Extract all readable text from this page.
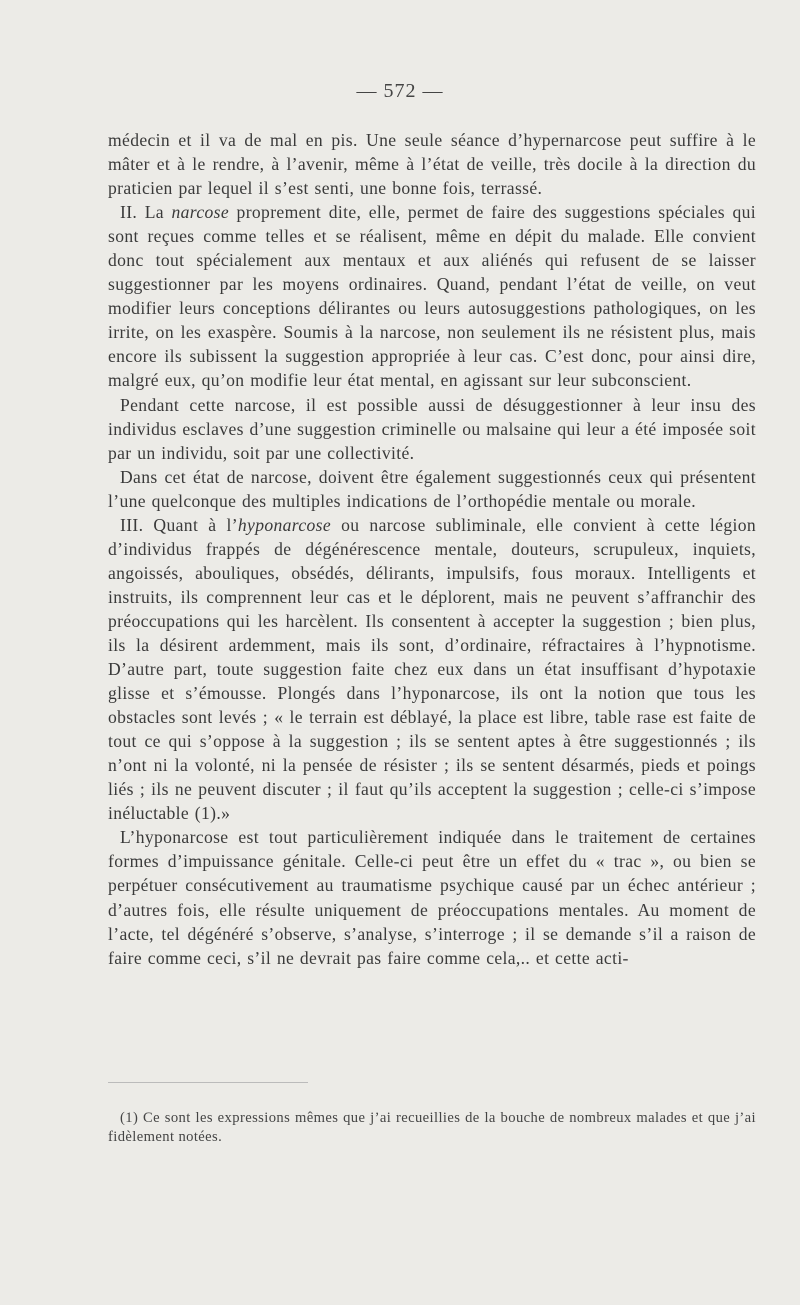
— 572 —

médecin et il va de mal en pis. Une seule séance d’hypernarcose peut suffire à le mâter et à le rendre, à l’avenir, même à l’état de veille, très docile à la direction du praticien par lequel il s’est senti, une bonne fois, terrassé.

II. La narcose proprement dite, elle, permet de faire des suggestions spéciales qui sont reçues comme telles et se réalisent, même en dépit du malade. Elle convient donc tout spécialement aux mentaux et aux aliénés qui refusent de se laisser suggestionner par les moyens ordinaires. Quand, pendant l’état de veille, on veut modifier leurs conceptions délirantes ou leurs autosuggestions pathologiques, on les irrite, on les exaspère. Soumis à la narcose, non seulement ils ne résistent plus, mais encore ils subissent la suggestion appropriée à leur cas. C’est donc, pour ainsi dire, malgré eux, qu’on modifie leur état mental, en agissant sur leur subconscient.

Pendant cette narcose, il est possible aussi de désuggestionner à leur insu des individus esclaves d’une suggestion criminelle ou malsaine qui leur a été imposée soit par un individu, soit par une collectivité.

Dans cet état de narcose, doivent être également suggestionnés ceux qui présentent l’une quelconque des multiples indications de l’orthopédie mentale ou morale.

III. Quant à l’hyponarcose ou narcose subliminale, elle convient à cette légion d’individus frappés de dégénérescence mentale, douteurs, scrupuleux, inquiets, angoissés, abouliques, obsédés, délirants, impulsifs, fous moraux. Intelligents et instruits, ils comprennent leur cas et le déplorent, mais ne peuvent s’affranchir des préoccupations qui les harcèlent. Ils consentent à accepter la suggestion ; bien plus, ils la désirent ardemment, mais ils sont, d’ordinaire, réfractaires à l’hypnotisme. D’autre part, toute suggestion faite chez eux dans un état insuffisant d’hypotaxie glisse et s’émousse. Plongés dans l’hyponarcose, ils ont la notion que tous les obstacles sont levés ; « le terrain est déblayé, la place est libre, table rase est faite de tout ce qui s’oppose à la suggestion ; ils se sentent aptes à être suggestionnés ; ils n’ont ni la volonté, ni la pensée de résister ; ils se sentent désarmés, pieds et poings liés ; ils ne peuvent discuter ; il faut qu’ils acceptent la suggestion ; celle-ci s’impose inéluctable (1).»

L’hyponarcose est tout particulièrement indiquée dans le traitement de certaines formes d’impuissance génitale. Celle-ci peut être un effet du « trac », ou bien se perpétuer consécutivement au traumatisme psychique causé par un échec antérieur ; d’autres fois, elle résulte uniquement de préoccupations mentales. Au moment de l’acte, tel dégénéré s’observe, s’analyse, s’interroge ; il se demande s’il a raison de faire comme ceci, s’il ne devrait pas faire comme cela,.. et cette acti-

(1) Ce sont les expressions mêmes que j’ai recueillies de la bouche de nombreux malades et que j’ai fidèlement notées.
